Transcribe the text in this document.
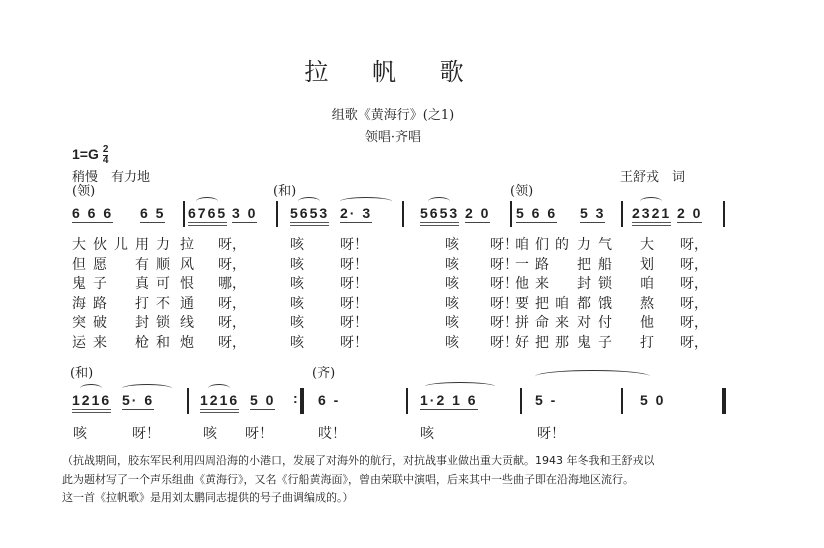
拉 帆 歌
组歌《黄海行》(之1)
领唱·齐唱
$1=G \frac{2}{4}$
稍慢　有力地	王舒戎　词
(领)	(和)	(领)
6 6 6 6 5 6765 3 0 5653 2· 3	5653 2 0 5 6 6 5 3 2321 2 0
大 伙 儿 用 力 拉 呀，	咳	呀！	咳 呀！
咱 们 的 力 气 大 呀，
但 愿 有 顺 风 呀，	咳	呀！	咳 呀！
一 路 把 船 划 呀，
鬼 子 真 可 恨 哪，	咳	呀！	咳 呀！
他 来 封 锁 咱 呀，
海 路 打 不 通 呀，	咳	呀！	咳 呀！
要 把 咱 都 饿 熬 呀，
突 破 封 锁 线 呀，	咳	呀！	咳 呀！
拼 命 来 对 付 他 呀，
运 来 枪 和 炮 呀，	咳	呀！	咳 呀！
好 把 那 鬼 子 打 呀，
(和)	(齐)
1216 5· 6	1216 5 0	6 -	1·2 1 6	5 -	5 0
:
咳	呀！	咳 呀！	哎！	咳	呀！
（抗战期间，胶东军民利用四周沿海的小港口，发展了对海外的航行，对抗战事业做出重大贡献。1943 年冬我和王舒戎以
此为题材写了一个声乐组曲《黄海行》，又名《行船黄海面》，曾由荣联中演唱，后来其中一些曲子即在沿海地区流行。
这一首《拉帆歌》是用刘太鹏同志提供的号子曲调编成的。）
